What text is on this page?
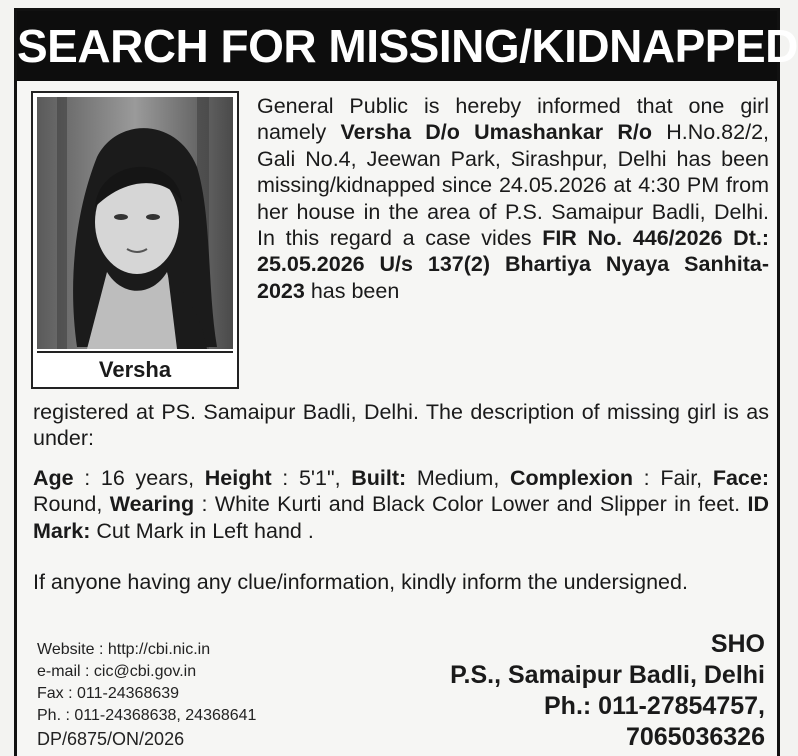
SEARCH FOR MISSING/KIDNAPPED
Versha
General Public is hereby informed that one girl namely Versha D/o Umashankar R/o H.No.82/2, Gali No.4, Jeewan Park, Sirashpur, Delhi has been missing/kidnapped since 24.05.2026 at 4:30 PM from her house in the area of P.S. Samaipur Badli, Delhi. In this regard a case vides FIR No. 446/2026 Dt.: 25.05.2026 U/s 137(2) Bhartiya Nyaya Sanhita-2023 has been
registered at PS. Samaipur Badli, Delhi. The description of missing girl is as under:
Age : 16 years, Height : 5'1", Built: Medium, Complexion : Fair, Face: Round, Wearing : White Kurti and Black Color Lower and Slipper in feet. ID Mark: Cut Mark in Left hand .
If anyone having any clue/information, kindly inform the undersigned.
Website : http://cbi.nic.in
e-mail : cic@cbi.gov.in
Fax : 011-24368639
Ph. : 011-24368638, 24368641
DP/6875/ON/2026
SHO
P.S., Samaipur Badli, Delhi
Ph.: 011-27854757,
7065036326
